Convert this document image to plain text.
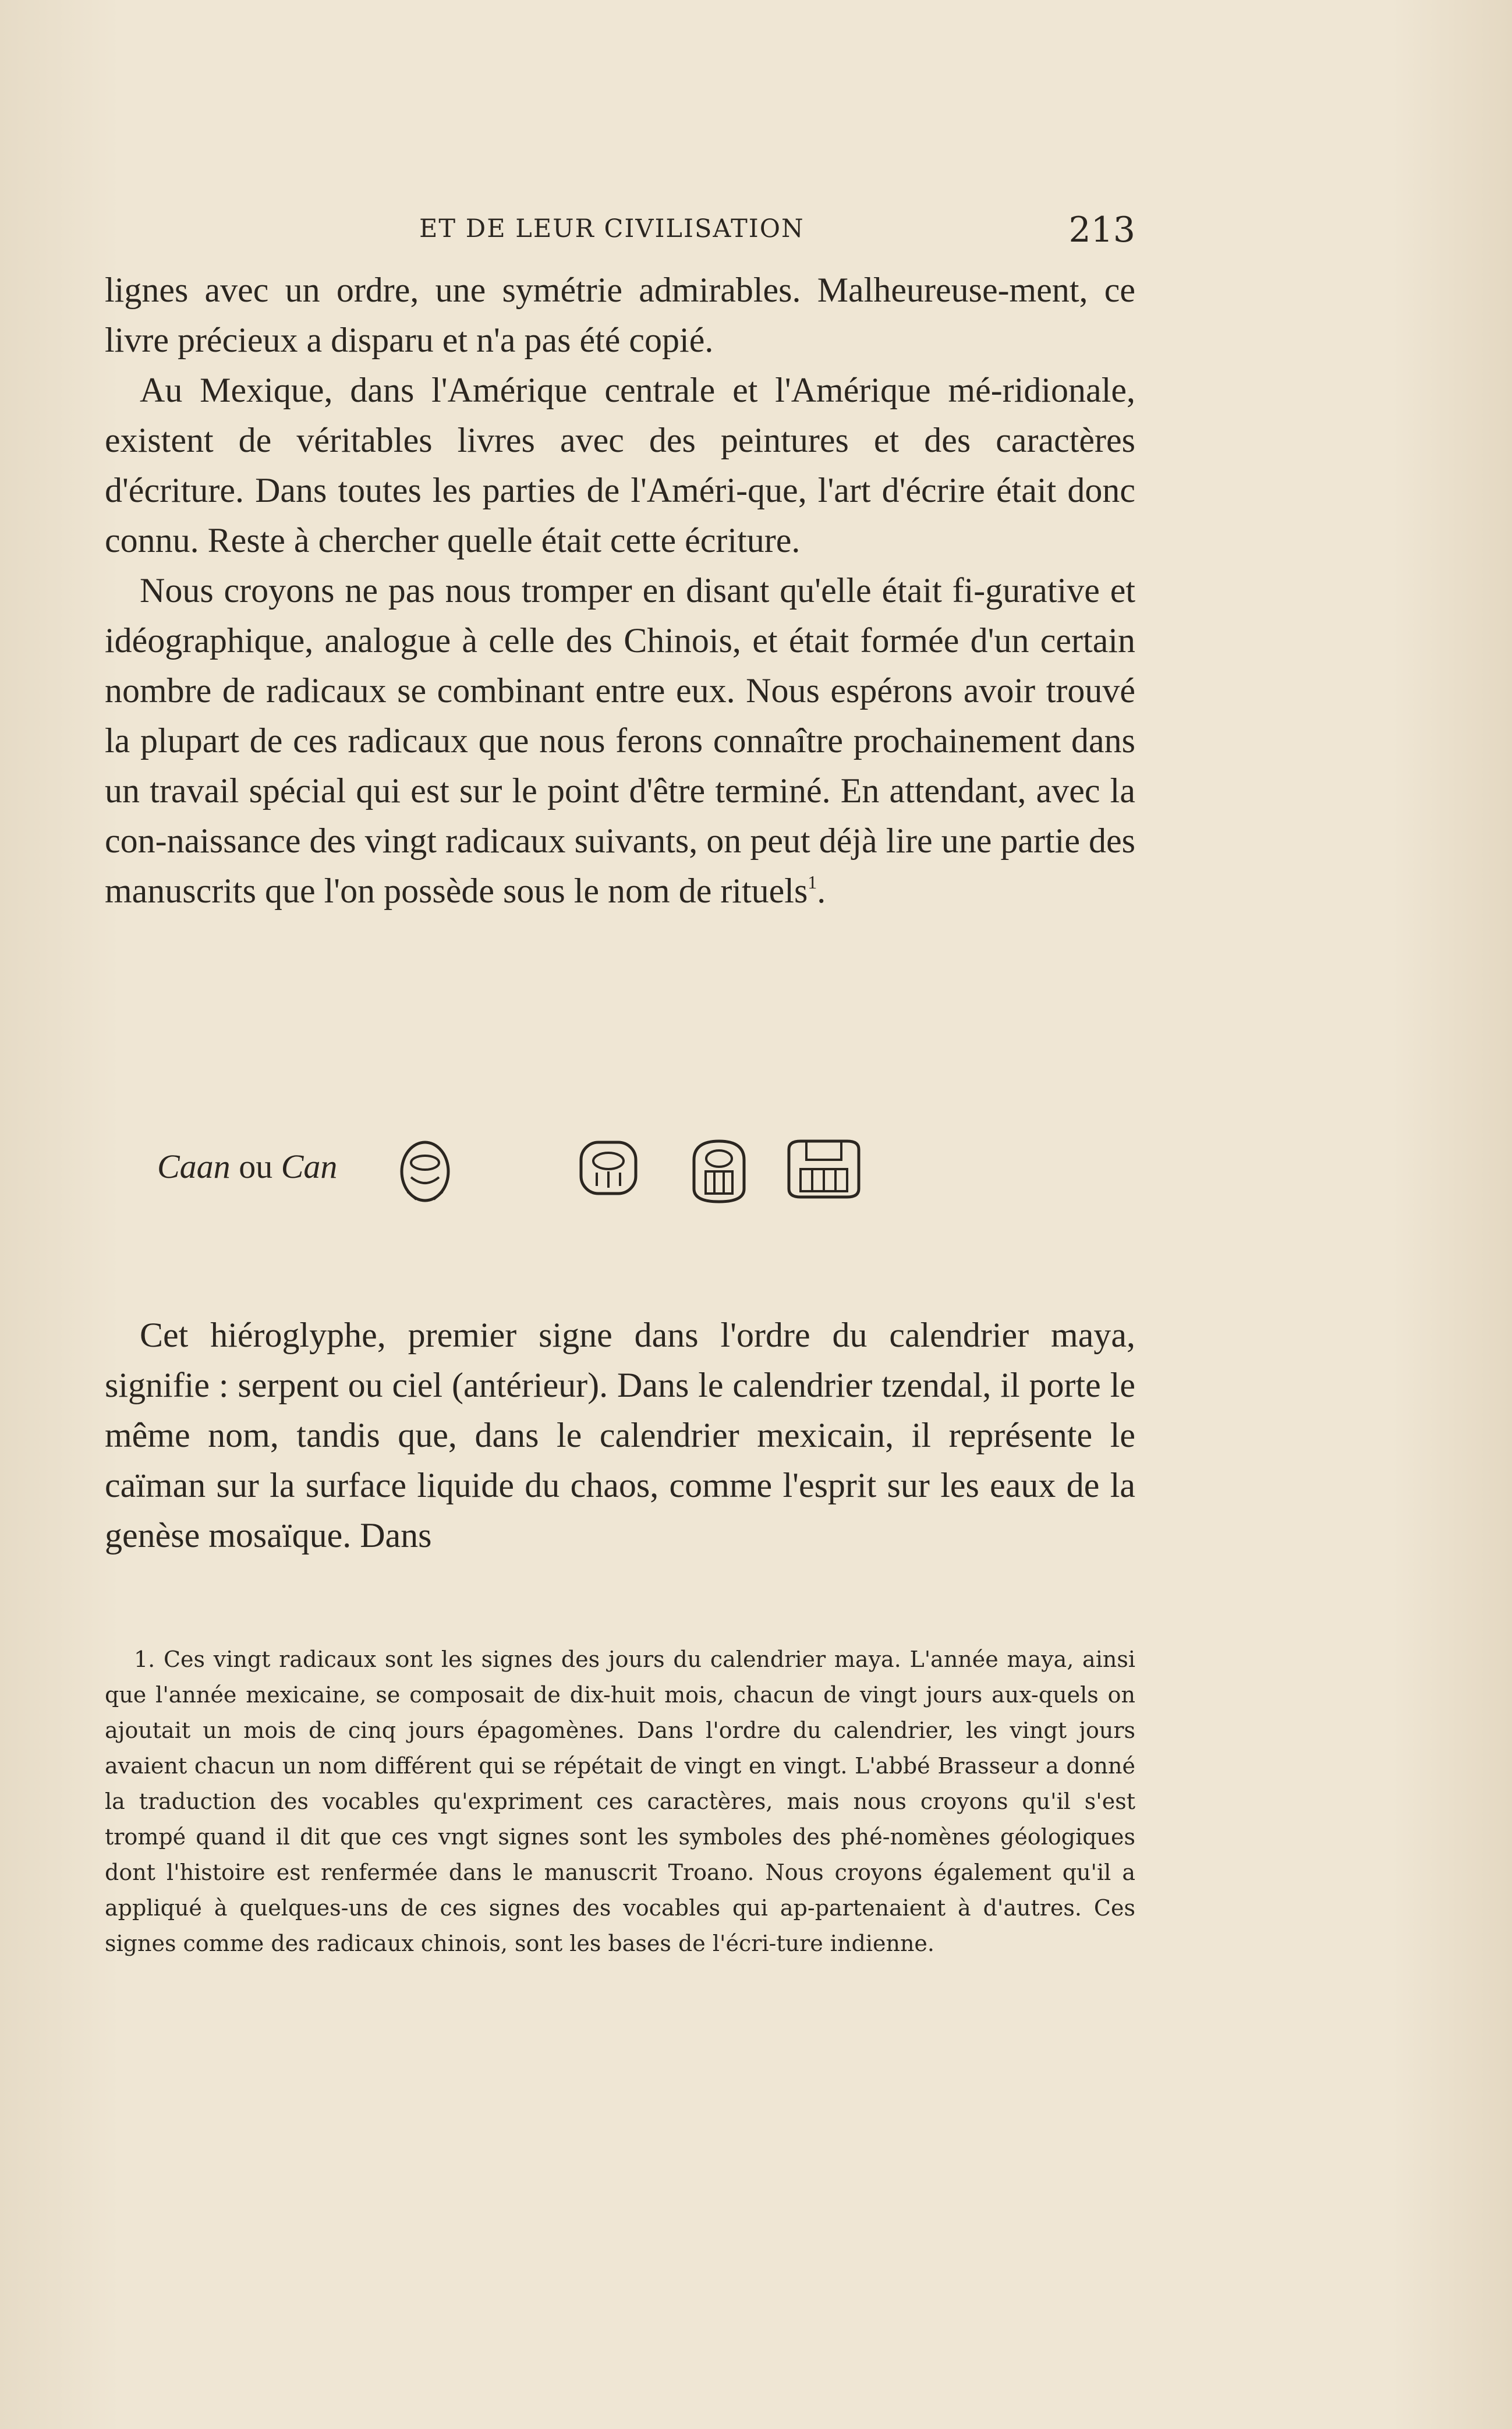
ET DE LEUR CIVILISATION	213

lignes avec un ordre, une symétrie admirables. Malheureuse-ment, ce livre précieux a disparu et n'a pas été copié.

Au Mexique, dans l'Amérique centrale et l'Amérique mé-ridionale, existent de véritables livres avec des peintures et des caractères d'écriture. Dans toutes les parties de l'Améri-que, l'art d'écrire était donc connu. Reste à chercher quelle était cette écriture.

Nous croyons ne pas nous tromper en disant qu'elle était fi-gurative et idéographique, analogue à celle des Chinois, et était formée d'un certain nombre de radicaux se combinant entre eux. Nous espérons avoir trouvé la plupart de ces radicaux que nous ferons connaître prochainement dans un travail spécial qui est sur le point d'être terminé. En attendant, avec la con-naissance des vingt radicaux suivants, on peut déjà lire une partie des manuscrits que l'on possède sous le nom de rituels$^1$.

Caan ou Can

Cet hiéroglyphe, premier signe dans l'ordre du calendrier maya, signifie : serpent ou ciel (antérieur). Dans le calendrier tzendal, il porte le même nom, tandis que, dans le calendrier mexicain, il représente le caïman sur la surface liquide du chaos, comme l'esprit sur les eaux de la genèse mosaïque. Dans

1. Ces vingt radicaux sont les signes des jours du calendrier maya. L'année maya, ainsi que l'année mexicaine, se composait de dix-huit mois, chacun de vingt jours aux-quels on ajoutait un mois de cinq jours épagomènes. Dans l'ordre du calendrier, les vingt jours avaient chacun un nom différent qui se répétait de vingt en vingt. L'abbé Brasseur a donné la traduction des vocables qu'expriment ces caractères, mais nous croyons qu'il s'est trompé quand il dit que ces vngt signes sont les symboles des phé-nomènes géologiques dont l'histoire est renfermée dans le manuscrit Troano. Nous croyons également qu'il a appliqué à quelques-uns de ces signes des vocables qui ap-partenaient à d'autres. Ces signes comme des radicaux chinois, sont les bases de l'écri-ture indienne.
